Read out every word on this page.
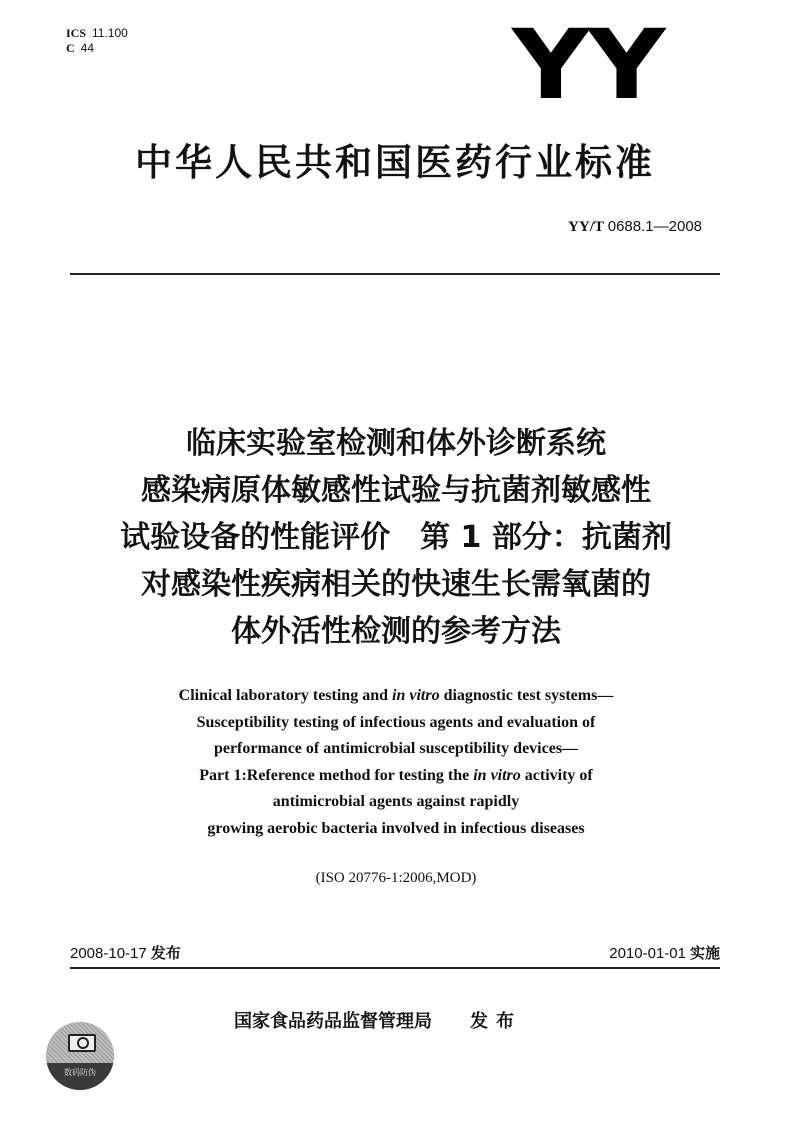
ICS 11.100
C 44	YY
中华人民共和国医药行业标准
YY/T 0688.1—2008
临床实验室检测和体外诊断系统
感染病原体敏感性试验与抗菌剂敏感性
试验设备的性能评价　第 1 部分：抗菌剂
对感染性疾病相关的快速生长需氧菌的
体外活性检测的参考方法
Clinical laboratory testing and in vitro diagnostic test systems—
Susceptibility testing of infectious agents and evaluation of
performance of antimicrobial susceptibility devices—
Part 1:Reference method for testing the in vitro activity of
antimicrobial agents against rapidly
growing aerobic bacteria involved in infectious diseases
(ISO 20776-1:2006,MOD)
2008-10-17 发布	2010-01-01 实施
数码防伪
国家食品药品监督管理局 发布
